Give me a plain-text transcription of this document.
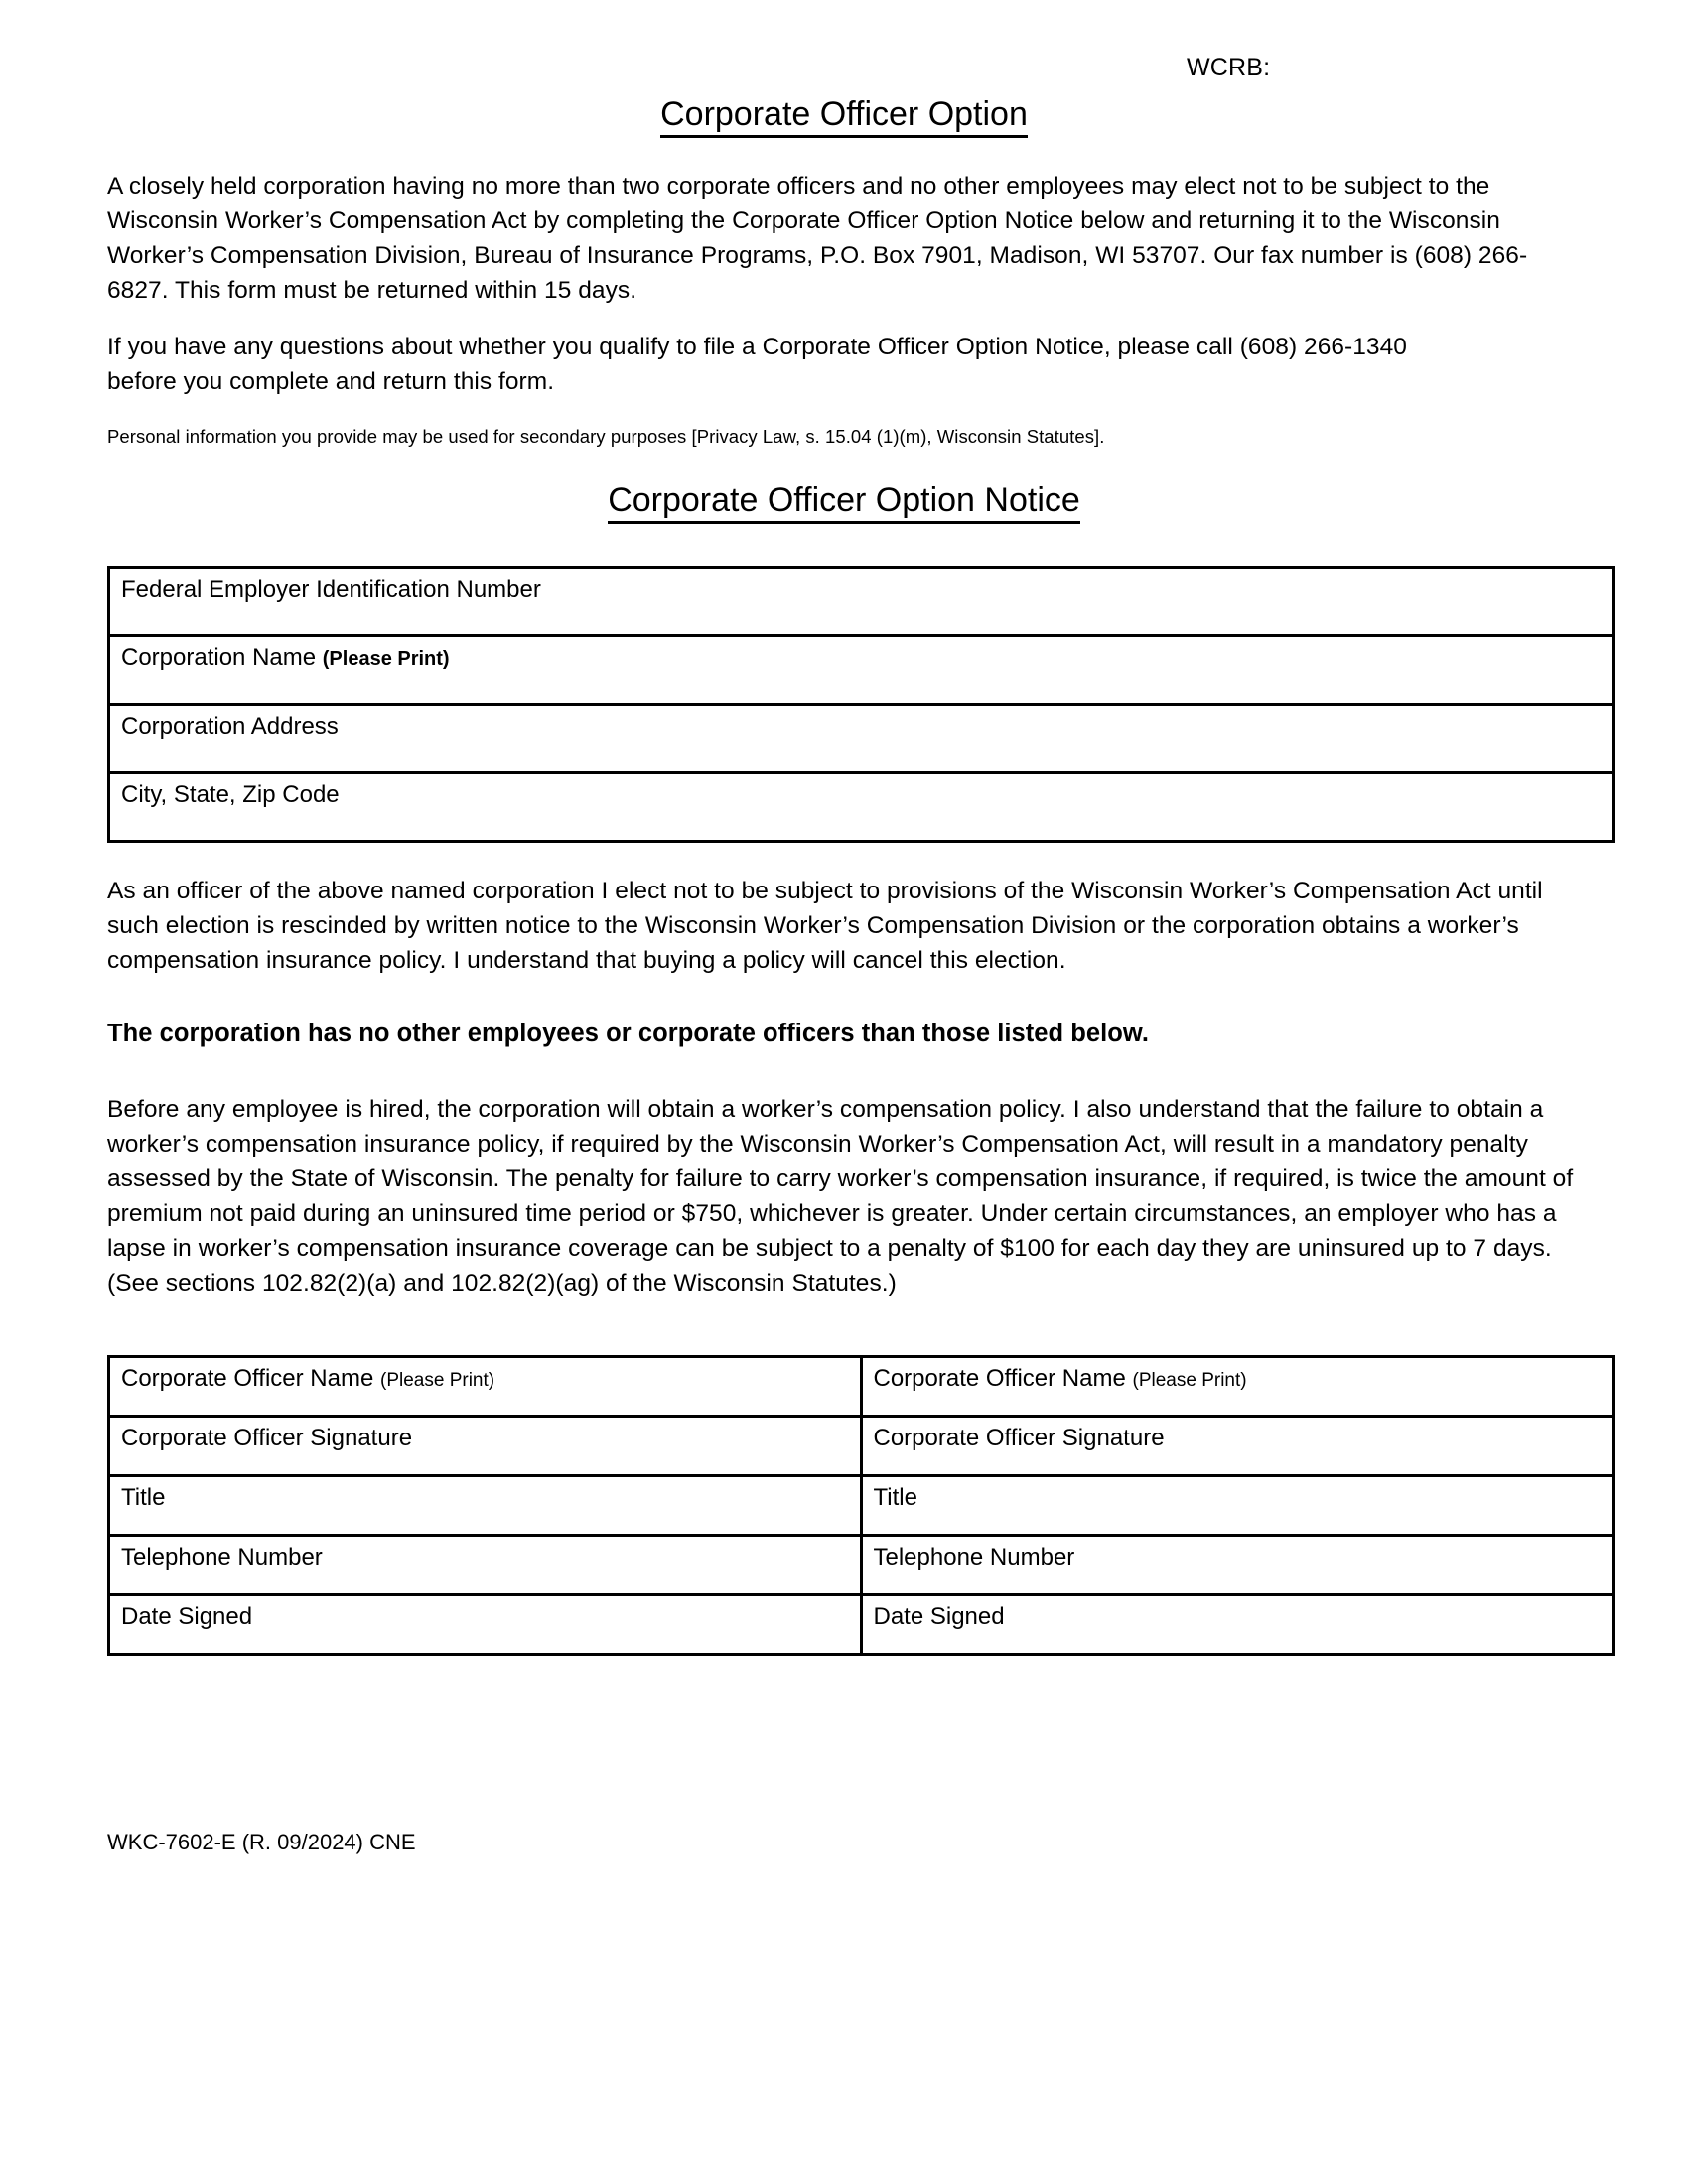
WCRB:
Corporate Officer Option
A closely held corporation having no more than two corporate officers and no other employees may elect not to be subject to the Wisconsin Worker’s Compensation Act by completing the Corporate Officer Option Notice below and returning it to the Wisconsin Worker’s Compensation Division, Bureau of Insurance Programs, P.O. Box 7901, Madison, WI 53707. Our fax number is (608) 266-6827. This form must be returned within 15 days.
If you have any questions about whether you qualify to file a Corporate Officer Option Notice, please call (608) 266-1340 before you complete and return this form.
Personal information you provide may be used for secondary purposes [Privacy Law, s. 15.04 (1)(m), Wisconsin Statutes].
Corporate Officer Option Notice
Federal Employer Identification Number
Corporation Name (Please Print)
Corporation Address
City, State, Zip Code
As an officer of the above named corporation I elect not to be subject to provisions of the Wisconsin Worker’s Compensation Act until such election is rescinded by written notice to the Wisconsin Worker’s Compensation Division or the corporation obtains a worker’s compensation insurance policy. I understand that buying a policy will cancel this election.
The corporation has no other employees or corporate officers than those listed below.
Before any employee is hired, the corporation will obtain a worker’s compensation policy. I also understand that the failure to obtain a worker’s compensation insurance policy, if required by the Wisconsin Worker’s Compensation Act, will result in a mandatory penalty assessed by the State of Wisconsin. The penalty for failure to carry worker’s compensation insurance, if required, is twice the amount of premium not paid during an uninsured time period or $750, whichever is greater. Under certain circumstances, an employer who has a lapse in worker’s compensation insurance coverage can be subject to a penalty of $100 for each day they are uninsured up to 7 days. (See sections 102.82(2)(a) and 102.82(2)(ag) of the Wisconsin Statutes.)
Corporate Officer Name (Please Print)	Corporate Officer Name (Please Print)
Corporate Officer Signature	Corporate Officer Signature
Title	Title
Telephone Number	Telephone Number
Date Signed	Date Signed
WKC-7602-E (R. 09/2024) CNE
